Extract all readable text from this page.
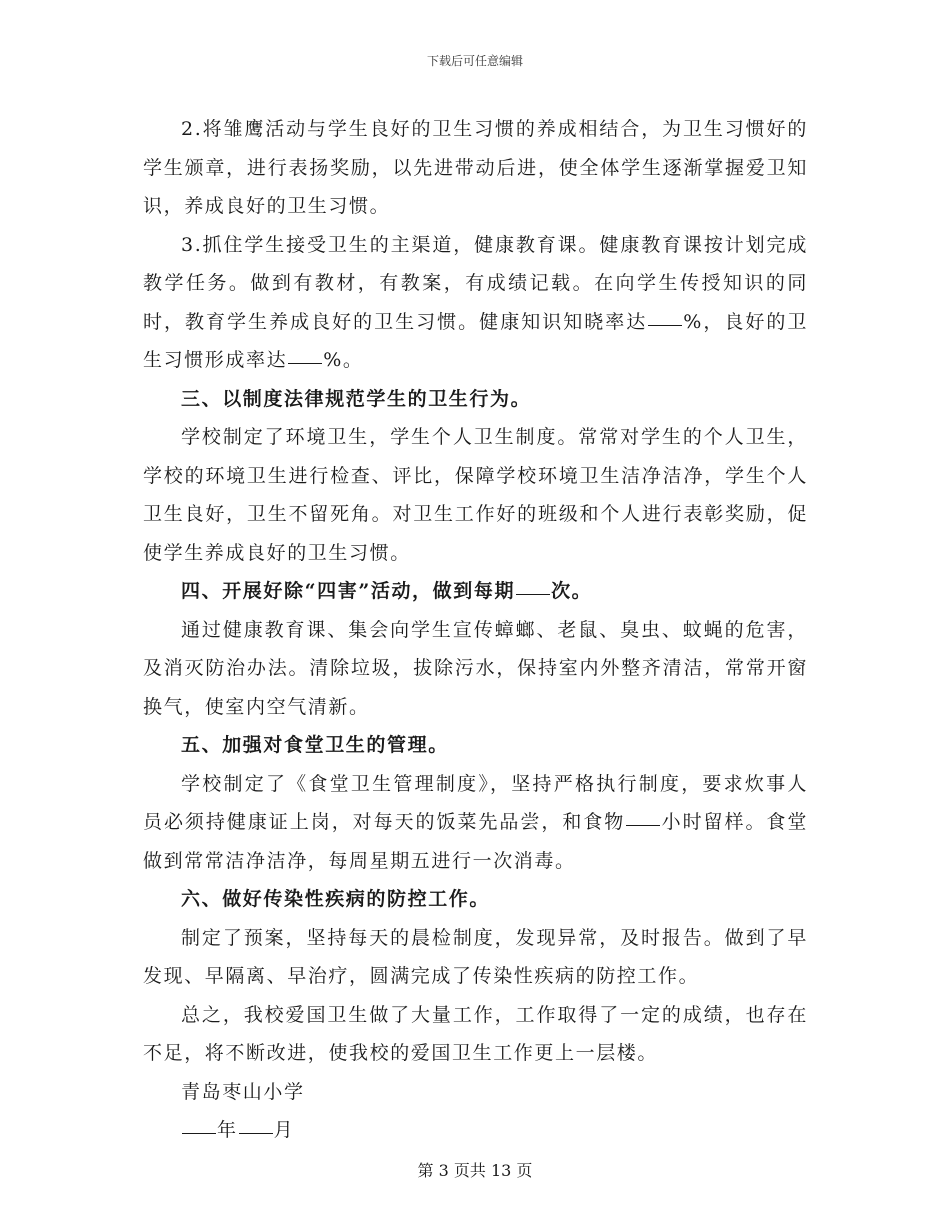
下载后可任意编辑

2.将雏鹰活动与学生良好的卫生习惯的养成相结合，为卫生习惯好的学生颁章，进行表扬奖励，以先进带动后进，使全体学生逐渐掌握爱卫知识，养成良好的卫生习惯。

3.抓住学生接受卫生的主渠道，健康教育课。健康教育课按计划完成教学任务。做到有教材，有教案，有成绩记载。在向学生传授知识的同时，教育学生养成良好的卫生习惯。健康知识知晓率达 %，良好的卫生习惯形成率达 %。

三、以制度法律规范学生的卫生行为。

学校制定了环境卫生，学生个人卫生制度。常常对学生的个人卫生，学校的环境卫生进行检查、评比，保障学校环境卫生洁净洁净，学生个人卫生良好，卫生不留死角。对卫生工作好的班级和个人进行表彰奖励，促使学生养成良好的卫生习惯。

四、开展好除“四害”活动，做到每期 次。

通过健康教育课、集会向学生宣传蟑螂、老鼠、臭虫、蚊蝇的危害，及消灭防治办法。清除垃圾，拔除污水，保持室内外整齐清洁，常常开窗换气，使室内空气清新。

五、加强对食堂卫生的管理。

学校制定了《食堂卫生管理制度》，坚持严格执行制度，要求炊事人员必须持健康证上岗，对每天的饭菜先品尝，和食物 小时留样。食堂做到常常洁净洁净，每周星期五进行一次消毒。

六、做好传染性疾病的防控工作。

制定了预案，坚持每天的晨检制度，发现异常，及时报告。做到了早发现、早隔离、早治疗，圆满完成了传染性疾病的防控工作。

总之，我校爱国卫生做了大量工作，工作取得了一定的成绩，也存在不足，将不断改进，使我校的爱国卫生工作更上一层楼。

青岛枣山小学

年 月

第 3 页共 13 页
